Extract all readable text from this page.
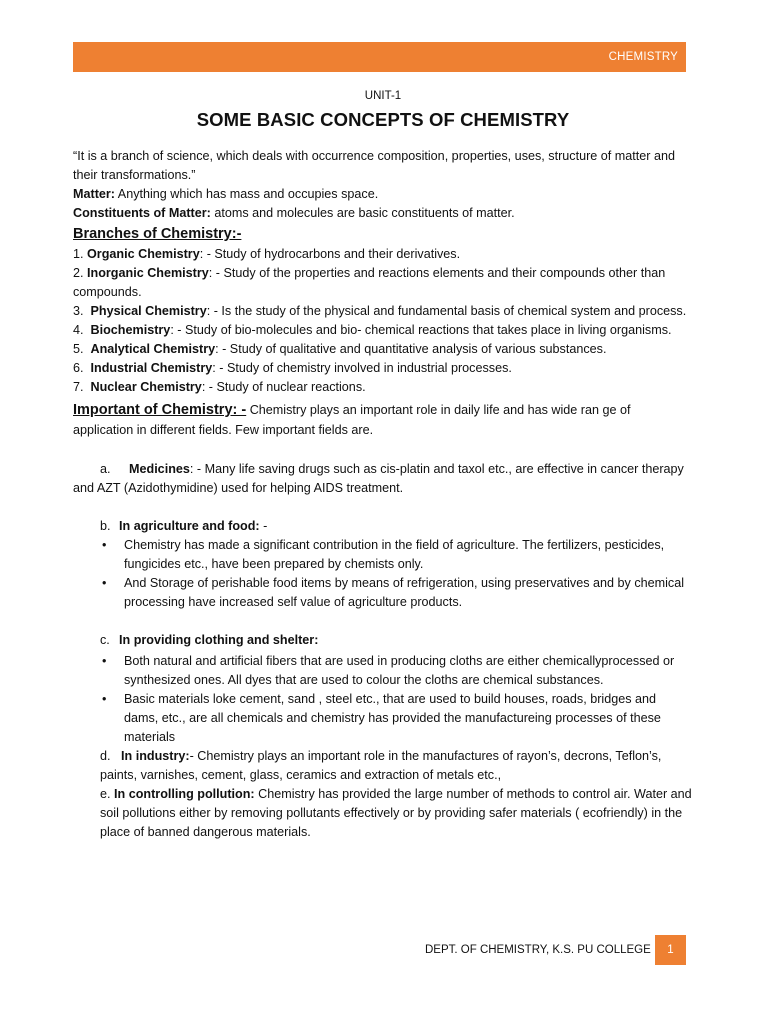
CHEMISTRY
UNIT-1
SOME BASIC CONCEPTS OF CHEMISTRY

“It is a branch of science, which deals with occurrence composition, properties, uses, structure of matter and their transformations.”

Matter: Anything which has mass and occupies space.

Constituents of Matter: atoms and molecules are basic constituents of matter.

Branches of Chemistry:-

1. Organic Chemistry: - Study of hydrocarbons and their derivatives.

2. Inorganic Chemistry: - Study of the properties and reactions elements and their compounds other than compounds.

3. Physical Chemistry: - Is the study of the physical and fundamental basis of chemical system and process.

4. Biochemistry: - Study of bio-molecules and bio- chemical reactions that takes place in living organisms.

5. Analytical Chemistry: - Study of qualitative and quantitative analysis of various substances.

6. Industrial Chemistry: - Study of chemistry involved in industrial processes.

7. Nuclear Chemistry: - Study of nuclear reactions.

Important of Chemistry: - Chemistry plays an important role in daily life and has wide ran ge of application in different fields. Few important fields are.

a. Medicines: - Many life saving drugs such as cis-platin and taxol etc., are effective in cancer therapy and AZT (Azidothymidine) used for helping AIDS treatment.

b. In agriculture and food: -

• Chemistry has made a significant contribution in the field of agriculture. The fertilizers, pesticides, fungicides etc., have been prepared by chemists only.

• And Storage of perishable food items by means of refrigeration, using preservatives and by chemical processing have increased self value of agriculture products.

c. In providing clothing and shelter:

• Both natural and artificial fibers that are used in producing cloths are either chemicallyprocessed or synthesized ones. All dyes that are used to colour the cloths are chemical substances.

• Basic materials loke cement, sand , steel etc., that are used to build houses, roads, bridges and dams, etc., are all chemicals and chemistry has provided the manufactureing processes of these materials

d. In industry:- Chemistry plays an important role in the manufactures of rayon’s, decrons, Teflon’s, paints, varnishes, cement, glass, ceramics and extraction of metals etc.,

e. In controlling pollution: Chemistry has provided the large number of methods to control air. Water and soil pollutions either by removing pollutants effectively or by providing safer materials ( ecofriendly) in the place of banned dangerous materials.

DEPT. OF CHEMISTRY, K.S. PU COLLEGE	1
